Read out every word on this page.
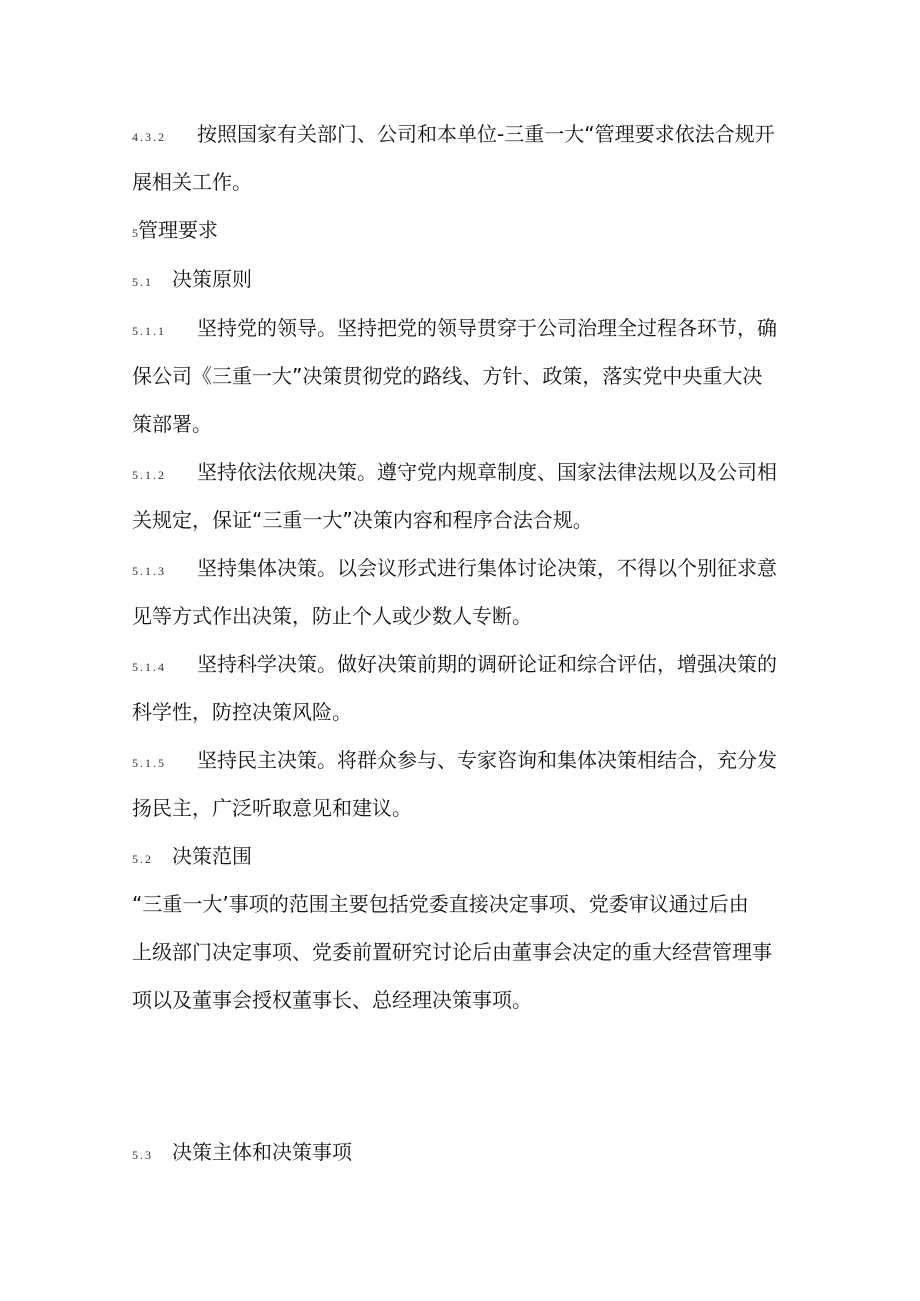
4.3.2 按照国家有关部门、公司和本单位-三重一大“管理要求依法合规开
展相关工作。
5管理要求
5.1 决策原则
5.1.1 坚持党的领导。坚持把党的领导贯穿于公司治理全过程各环节，确
保公司《三重一大”决策贯彻党的路线、方针、政策，落实党中央重大决
策部署。
5.1.2 坚持依法依规决策。遵守党内规章制度、国家法律法规以及公司相
关规定，保证“三重一大”决策内容和程序合法合规。
5.1.3 坚持集体决策。以会议形式进行集体讨论决策，不得以个别征求意
见等方式作出决策，防止个人或少数人专断。
5.1.4 坚持科学决策。做好决策前期的调研论证和综合评估，增强决策的
科学性，防控决策风险。
5.1.5 坚持民主决策。将群众参与、专家咨询和集体决策相结合，充分发
扬民主，广泛听取意见和建议。
5.2 决策范围
“三重一大’事项的范围主要包括党委直接决定事项、党委审议通过后由
上级部门决定事项、党委前置研究讨论后由董事会决定的重大经营管理事
项以及董事会授权董事长、总经理决策事项。
5.3 决策主体和决策事项
